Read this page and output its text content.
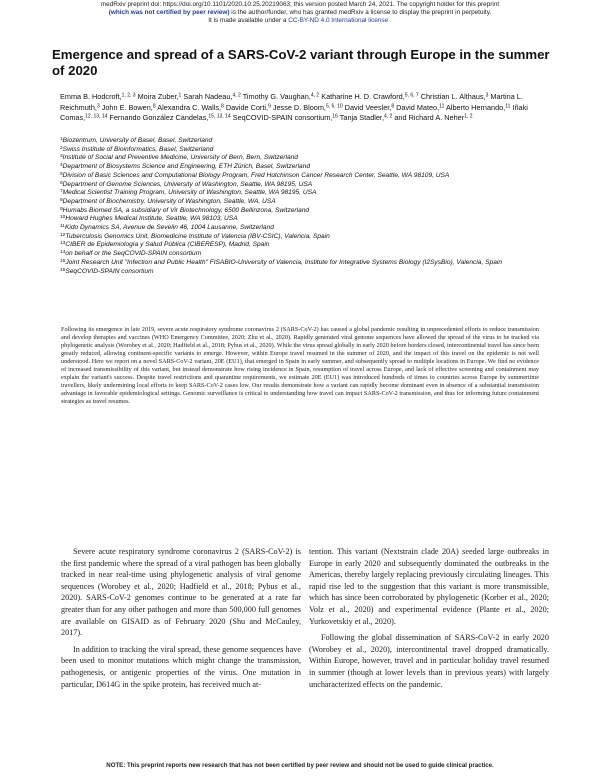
medRxiv preprint doi: https://doi.org/10.1101/2020.10.25.20219063; this version posted March 24, 2021. The copyright holder for this preprint
(which was not certified by peer review) is the author/funder, who has granted medRxiv a license to display the preprint in perpetuity.
It is made available under a CC-BY-ND 4.0 International license .
Emergence and spread of a SARS-CoV-2 variant through Europe in the summer of 2020
Emma B. Hodcroft,$^{1, 2, 3}$ Moira Zuber,$^1$ Sarah Nadeau,$^{4, 2}$ Timothy G. Vaughan,$^{4, 2}$ Katharine H. D. Crawford,$^{5, 6, 7}$ Christian L. Althaus,$^3$ Martina L. Reichmuth,$^3$ John E. Bowen,$^8$ Alexandra C. Walls,$^8$ Davide Corti,$^9$ Jesse D. Bloom,$^{5, 6, 10}$ David Veesler,$^8$ David Mateo,$^{11}$ Alberto Hernando,$^{11}$ Iñaki Comas,$^{12, 13, 14}$ Fernando González Candelas,$^{15, 13, 14}$ SeqCOVID-SPAIN consortium,$^{16}$ Tanja Stadler,$^{4, 2}$ and Richard A. Neher$^{1, 2}$
$^1$Biozentrum, University of Basel, Basel, Switzerland
$^2$Swiss Institute of Bioinformatics, Basel, Switzerland
$^3$Institute of Social and Preventive Medicine, University of Bern, Bern, Switzerland
$^4$Department of Biosystems Science and Engineering, ETH Zürich, Basel, Switzerland
$^5$Division of Basic Sciences and Computational Biology Program, Fred Hutchinson Cancer Research Center, Seattle, WA 98109, USA
$^6$Department of Genome Sciences, University of Washington, Seattle, WA 98195, USA
$^7$Medical Scientist Training Program, University of Washington, Seattle, WA 98195, USA
$^8$Department of Biochemistry, University of Washington, Seattle, WA, USA
$^9$Humabs Biomed SA, a subsidiary of Vir Biotechnology, 6500 Bellinzona, Switzerland
$^{10}$Howard Hughes Medical Institute, Seattle, WA 98103, USA
$^{11}$Kido Dynamics SA, Avenue de Sevelin 46, 1004 Lausanne, Switzerland
$^{12}$Tuberculosis Genomics Unit, Biomedicine Institute of Valencia (IBV-CSIC), Valencia, Spain
$^{13}$CIBER de Epidemiología y Salud Pública (CIBERESP), Madrid, Spain
$^{14}$on behalf or the SeqCOVID-SPAIN consortium
$^{15}$Joint Research Unit "Infection and Public Health" FISABIO-University of Valencia, Institute for Integrative Systems Biology (I2SysBio), Valencia, Spain
$^{16}$SeqCOVID-SPAIN consortium

Following its emergence in late 2019, severe acute respiratory syndrome coronavirus 2 (SARS-CoV-2) has caused a global pandemic resulting in unprecedented efforts to reduce transmission and develop therapies and vaccines (WHO Emergency Committee, 2020; Zhu et al., 2020). Rapidly generated viral genome sequences have allowed the spread of the virus to be tracked via phylogenetic analysis (Worobey et al., 2020; Hadfield et al., 2018; Pybus et al., 2020). While the virus spread globally in early 2020 before borders closed, intercontinental travel has since been greatly reduced, allowing continent-specific variants to emerge. However, within Europe travel resumed in the summer of 2020, and the impact of this travel on the epidemic is not well understood. Here we report on a novel SARS-CoV-2 variant, 20E (EU1), that emerged in Spain in early summer, and subsequently spread to multiple locations in Europe. We find no evidence of increased transmissibility of this variant, but instead demonstrate how rising incidence in Spain, resumption of travel across Europe, and lack of effective screening and containment may explain the variant's success. Despite travel restrictions and quarantine requirements, we estimate 20E (EU1) was introduced hundreds of times to countries across Europe by summertime travellers, likely undermining local efforts to keep SARS-CoV-2 cases low. Our results demonstrate how a variant can rapidly become dominant even in absence of a substantial transmission advantage in favorable epidemiological settings. Genomic surveillance is critical to understanding how travel can impact SARS-CoV-2 transmission, and thus for informing future containment strategies as travel resumes.

Severe acute respiratory syndrome coronavirus 2 (SARS-CoV-2) is the first pandemic where the spread of a viral pathogen has been globally tracked in near real-time using phylogenetic analysis of viral genome sequences (Worobey et al., 2020; Hadfield et al., 2018; Pybus et al., 2020). SARS-CoV-2 genomes continue to be generated at a rate far greater than for any other pathogen and more than 500,000 full genomes are available on GISAID as of February 2020 (Shu and McCauley, 2017).

In addition to tracking the viral spread, these genome sequences have been used to monitor mutations which might change the transmission, pathogenesis, or antigenic properties of the virus. One mutation in particular, D614G in the spike protein, has received much at-

tention. This variant (Nextstrain clade 20A) seeded large outbreaks in Europe in early 2020 and subsequently dominated the outbreaks in the Americas, thereby largely replacing previously circulating lineages. This rapid rise led to the suggestion that this variant is more transmissible, which has since been corroborated by phylogenetic (Korber et al., 2020; Volz et al., 2020) and experimental evidence (Plante et al., 2020; Yurkovetskiy et al., 2020).

Following the global dissemination of SARS-CoV-2 in early 2020 (Worobey et al., 2020), intercontinental travel dropped dramatically. Within Europe, however, travel and in particular holiday travel resumed in summer (though at lower levels than in previous years) with largely uncharacterized effects on the pandemic.

NOTE: This preprint reports new research that has not been certified by peer review and should not be used to guide clinical practice.
